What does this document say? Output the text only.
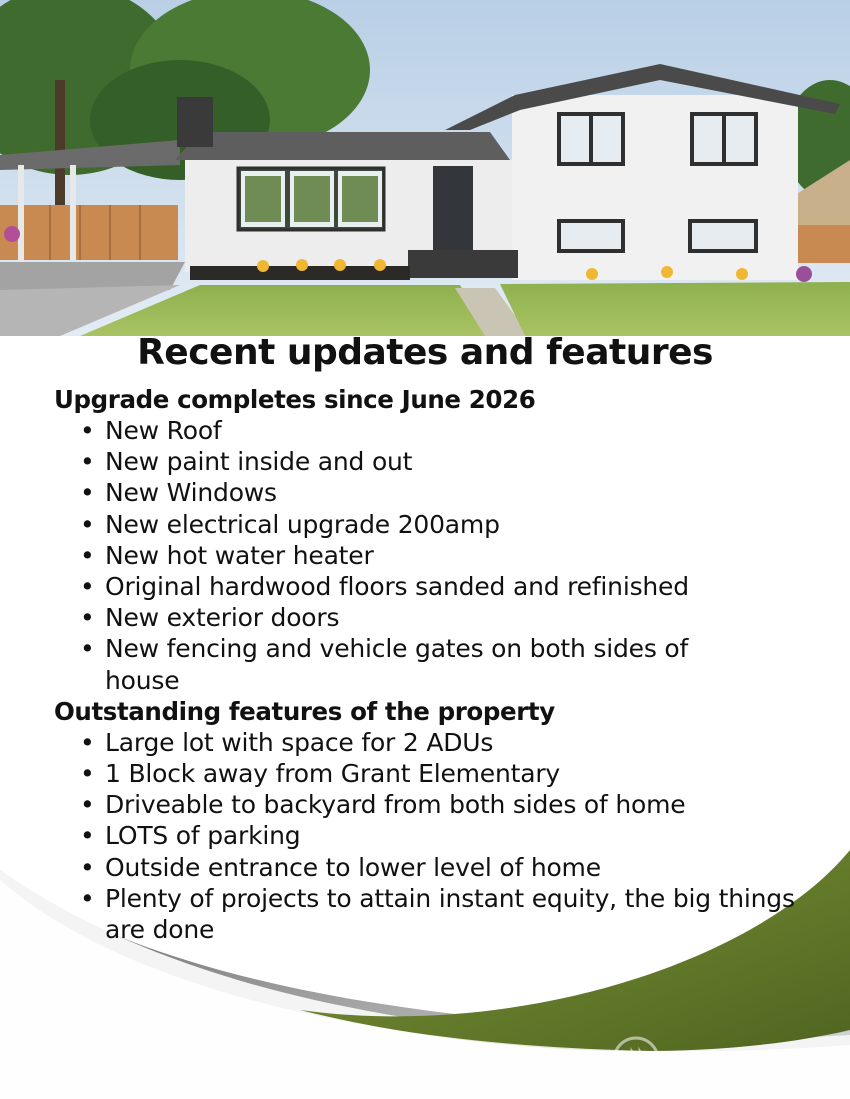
Recent updates and features
Upgrade completes since June 2026
• New Roof
• New paint inside and out
• New Windows
• New electrical upgrade 200amp
• New hot water heater
• Original hardwood floors sanded and refinished
• New exterior doors
• New fencing and vehicle gates on both sides of house
Outstanding features of the property
• Large lot with space for 2 ADUs
• 1 Block away from Grant Elementary
• Driveable to backyard from both sides of home
• LOTS of parking
• Outside entrance to lower level of home
• Plenty of projects to attain instant equity, the big things are done
NORTHWEST
